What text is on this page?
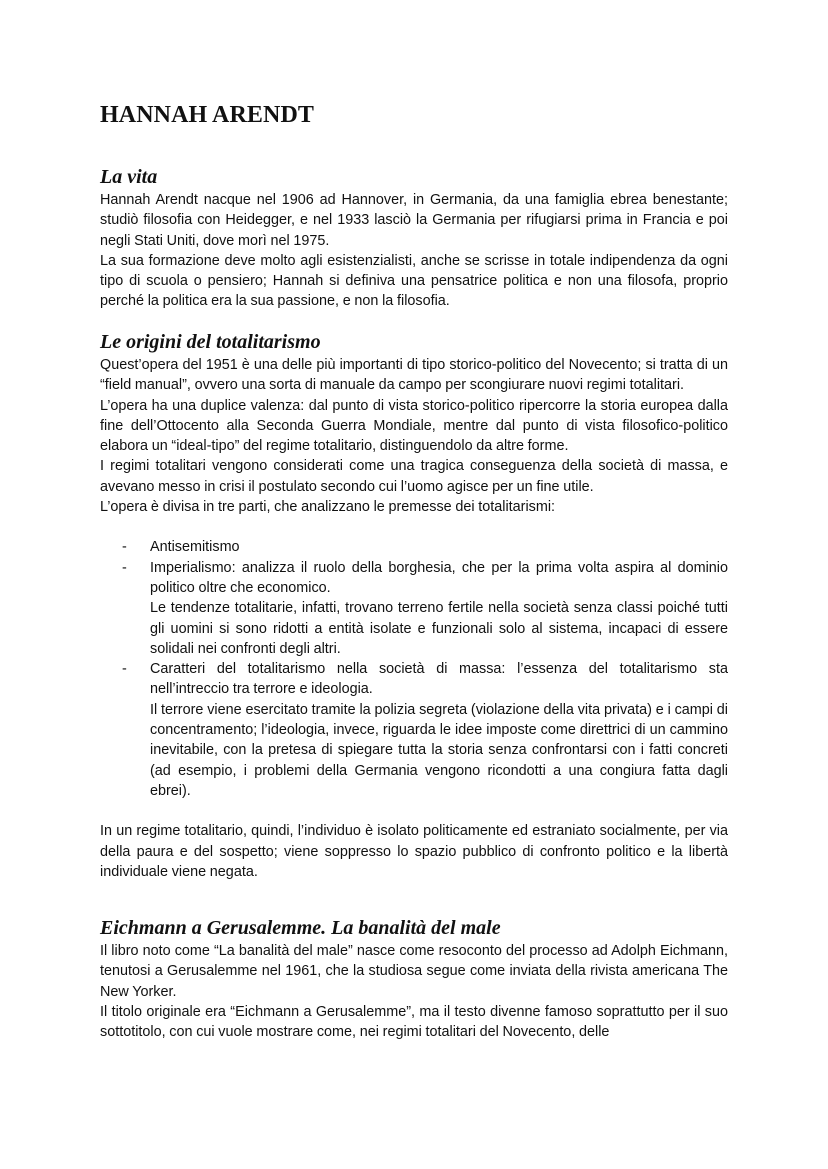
HANNAH ARENDT
La vita

Hannah Arendt nacque nel 1906 ad Hannover, in Germania, da una famiglia ebrea benestante; studiò filosofia con Heidegger, e nel 1933 lasciò la Germania per rifugiarsi prima in Francia e poi negli Stati Uniti, dove morì nel 1975.

La sua formazione deve molto agli esistenzialisti, anche se scrisse in totale indipendenza da ogni tipo di scuola o pensiero; Hannah si definiva una pensatrice politica e non una filosofa, proprio perché la politica era la sua passione, e non la filosofia.

Le origini del totalitarismo

Quest’opera del 1951 è una delle più importanti di tipo storico-politico del Novecento; si tratta di un “field manual”, ovvero una sorta di manuale da campo per scongiurare nuovi regimi totalitari.

L’opera ha una duplice valenza: dal punto di vista storico-politico ripercorre la storia europea dalla fine dell’Ottocento alla Seconda Guerra Mondiale, mentre dal punto di vista filosofico-politico elabora un “ideal-tipo” del regime totalitario, distinguendolo da altre forme.

I regimi totalitari vengono considerati come una tragica conseguenza della società di massa, e avevano messo in crisi il postulato secondo cui l’uomo agisce per un fine utile.

L’opera è divisa in tre parti, che analizzano le premesse dei totalitarismi:

- Antisemitismo

- Imperialismo: analizza il ruolo della borghesia, che per la prima volta aspira al dominio politico oltre che economico.

Le tendenze totalitarie, infatti, trovano terreno fertile nella società senza classi poiché tutti gli uomini si sono ridotti a entità isolate e funzionali solo al sistema, incapaci di essere solidali nei confronti degli altri.

- Caratteri del totalitarismo nella società di massa: l’essenza del totalitarismo sta nell’intreccio tra terrore e ideologia.

Il terrore viene esercitato tramite la polizia segreta (violazione della vita privata) e i campi di concentramento; l’ideologia, invece, riguarda le idee imposte come direttrici di un cammino inevitabile, con la pretesa di spiegare tutta la storia senza confrontarsi con i fatti concreti (ad esempio, i problemi della Germania vengono ricondotti a una congiura fatta dagli ebrei).

In un regime totalitario, quindi, l’individuo è isolato politicamente ed estraniato socialmente, per via della paura e del sospetto; viene soppresso lo spazio pubblico di confronto politico e la libertà individuale viene negata.

Eichmann a Gerusalemme. La banalità del male

Il libro noto come “La banalità del male” nasce come resoconto del processo ad Adolph Eichmann, tenutosi a Gerusalemme nel 1961, che la studiosa segue come inviata della rivista americana The New Yorker.

Il titolo originale era “Eichmann a Gerusalemme”, ma il testo divenne famoso soprattutto per il suo sottotitolo, con cui vuole mostrare come, nei regimi totalitari del Novecento, delle
